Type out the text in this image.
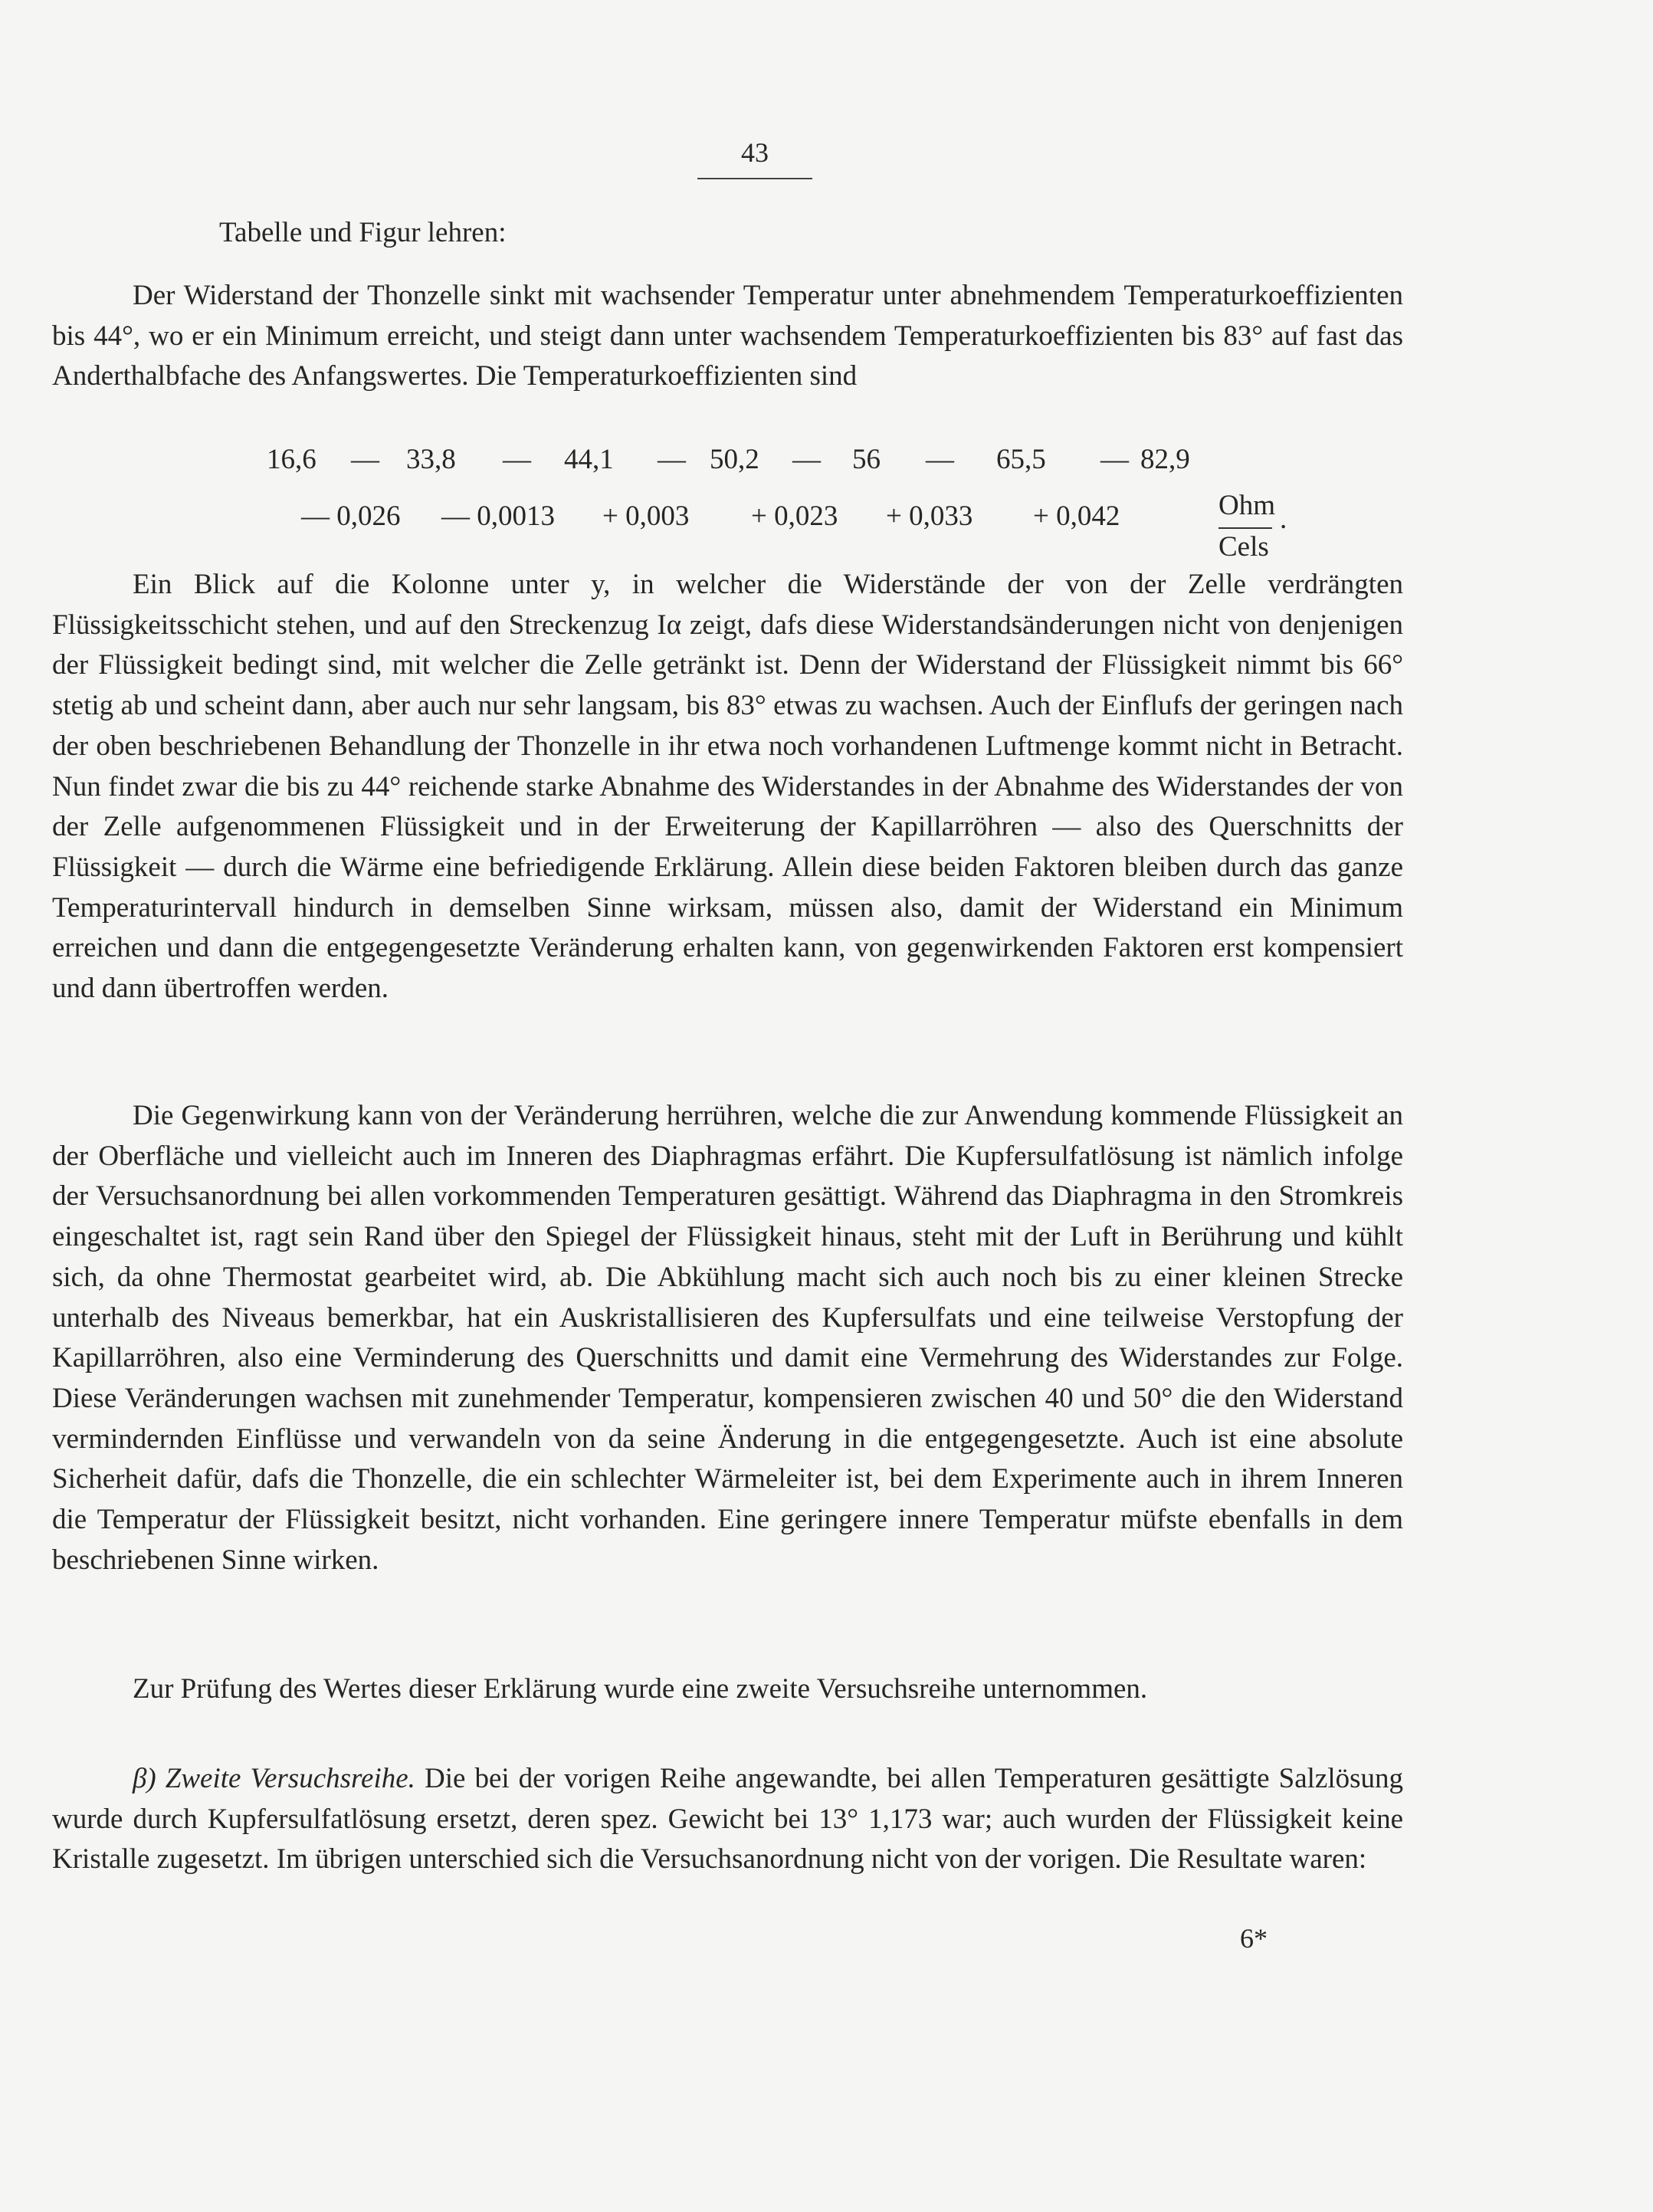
43

Tabelle und Figur lehren:

Der Widerstand der Thonzelle sinkt mit wachsender Temperatur unter abnehmendem Temperaturkoeffizienten bis 44°, wo er ein Minimum erreicht, und steigt dann unter wachsendem Temperaturkoeffizienten bis 83° auf fast das Anderthalbfache des Anfangswertes. Die Temperaturkoeffizienten sind

16,6 — 33,8 — 44,1 — 50,2 — 56 — 65,5 — 82,9
— 0,026 — 0,0013 + 0,003 + 0,023 + 0,033 + 0,042	Ohm
Cels
.

Ein Blick auf die Kolonne unter y, in welcher die Widerstände der von der Zelle verdrängten Flüssigkeitsschicht stehen, und auf den Streckenzug Iα zeigt, dafs diese Widerstandsänderungen nicht von denjenigen der Flüssigkeit bedingt sind, mit welcher die Zelle getränkt ist. Denn der Widerstand der Flüssigkeit nimmt bis 66° stetig ab und scheint dann, aber auch nur sehr langsam, bis 83° etwas zu wachsen. Auch der Einflufs der geringen nach der oben beschriebenen Behandlung der Thonzelle in ihr etwa noch vorhandenen Luftmenge kommt nicht in Betracht. Nun findet zwar die bis zu 44° reichende starke Abnahme des Widerstandes in der Abnahme des Widerstandes der von der Zelle aufgenommenen Flüssigkeit und in der Erweiterung der Kapillarröhren — also des Querschnitts der Flüssigkeit — durch die Wärme eine befriedigende Erklärung. Allein diese beiden Faktoren bleiben durch das ganze Temperaturintervall hindurch in demselben Sinne wirksam, müssen also, damit der Widerstand ein Minimum erreichen und dann die entgegengesetzte Veränderung erhalten kann, von gegenwirkenden Faktoren erst kompensiert und dann übertroffen werden.

Die Gegenwirkung kann von der Veränderung herrühren, welche die zur Anwendung kommende Flüssigkeit an der Oberfläche und vielleicht auch im Inneren des Diaphragmas erfährt. Die Kupfersulfatlösung ist nämlich infolge der Versuchsanordnung bei allen vorkommenden Temperaturen gesättigt. Während das Diaphragma in den Stromkreis eingeschaltet ist, ragt sein Rand über den Spiegel der Flüssigkeit hinaus, steht mit der Luft in Berührung und kühlt sich, da ohne Thermostat gearbeitet wird, ab. Die Abkühlung macht sich auch noch bis zu einer kleinen Strecke unterhalb des Niveaus bemerkbar, hat ein Auskristallisieren des Kupfersulfats und eine teilweise Verstopfung der Kapillarröhren, also eine Verminderung des Querschnitts und damit eine Vermehrung des Widerstandes zur Folge. Diese Veränderungen wachsen mit zunehmender Temperatur, kompensieren zwischen 40 und 50° die den Widerstand vermindernden Einflüsse und verwandeln von da seine Änderung in die entgegengesetzte. Auch ist eine absolute Sicherheit dafür, dafs die Thonzelle, die ein schlechter Wärmeleiter ist, bei dem Experimente auch in ihrem Inneren die Temperatur der Flüssigkeit besitzt, nicht vorhanden. Eine geringere innere Temperatur müfste ebenfalls in dem beschriebenen Sinne wirken.

Zur Prüfung des Wertes dieser Erklärung wurde eine zweite Versuchsreihe unternommen.

β) Zweite Versuchsreihe. Die bei der vorigen Reihe angewandte, bei allen Temperaturen gesättigte Salzlösung wurde durch Kupfersulfatlösung ersetzt, deren spez. Gewicht bei 13° 1,173 war; auch wurden der Flüssigkeit keine Kristalle zugesetzt. Im übrigen unterschied sich die Versuchsanordnung nicht von der vorigen. Die Resultate waren:

6*
